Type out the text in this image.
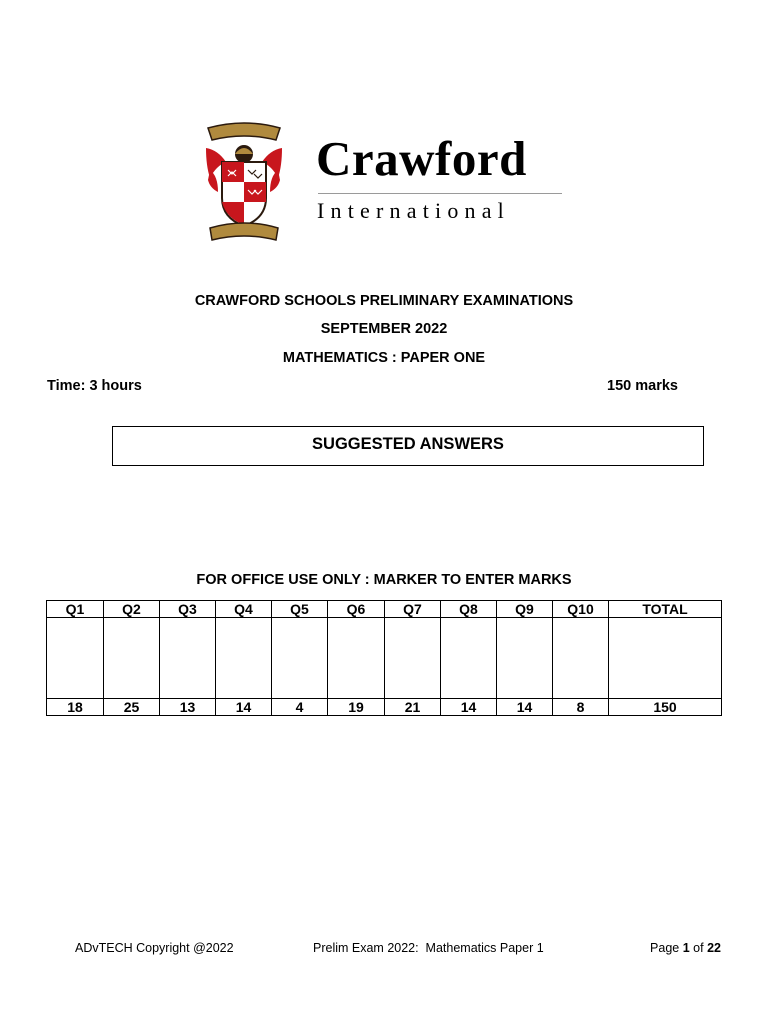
Crawford
International
CRAWFORD SCHOOLS PRELIMINARY EXAMINATIONS
SEPTEMBER 2022
MATHEMATICS : PAPER ONE
Time: 3 hours	150 marks
SUGGESTED ANSWERS
FOR OFFICE USE ONLY : MARKER TO ENTER MARKS
Q1	Q2	Q3	Q4	Q5	Q6	Q7	Q8	Q9	Q10	TOTAL

18	25	13	14	4	19	21	14	14	8	150
ADvTECH Copyright @2022	Prelim Exam 2022:  Mathematics Paper 1	Page 1 of 22
